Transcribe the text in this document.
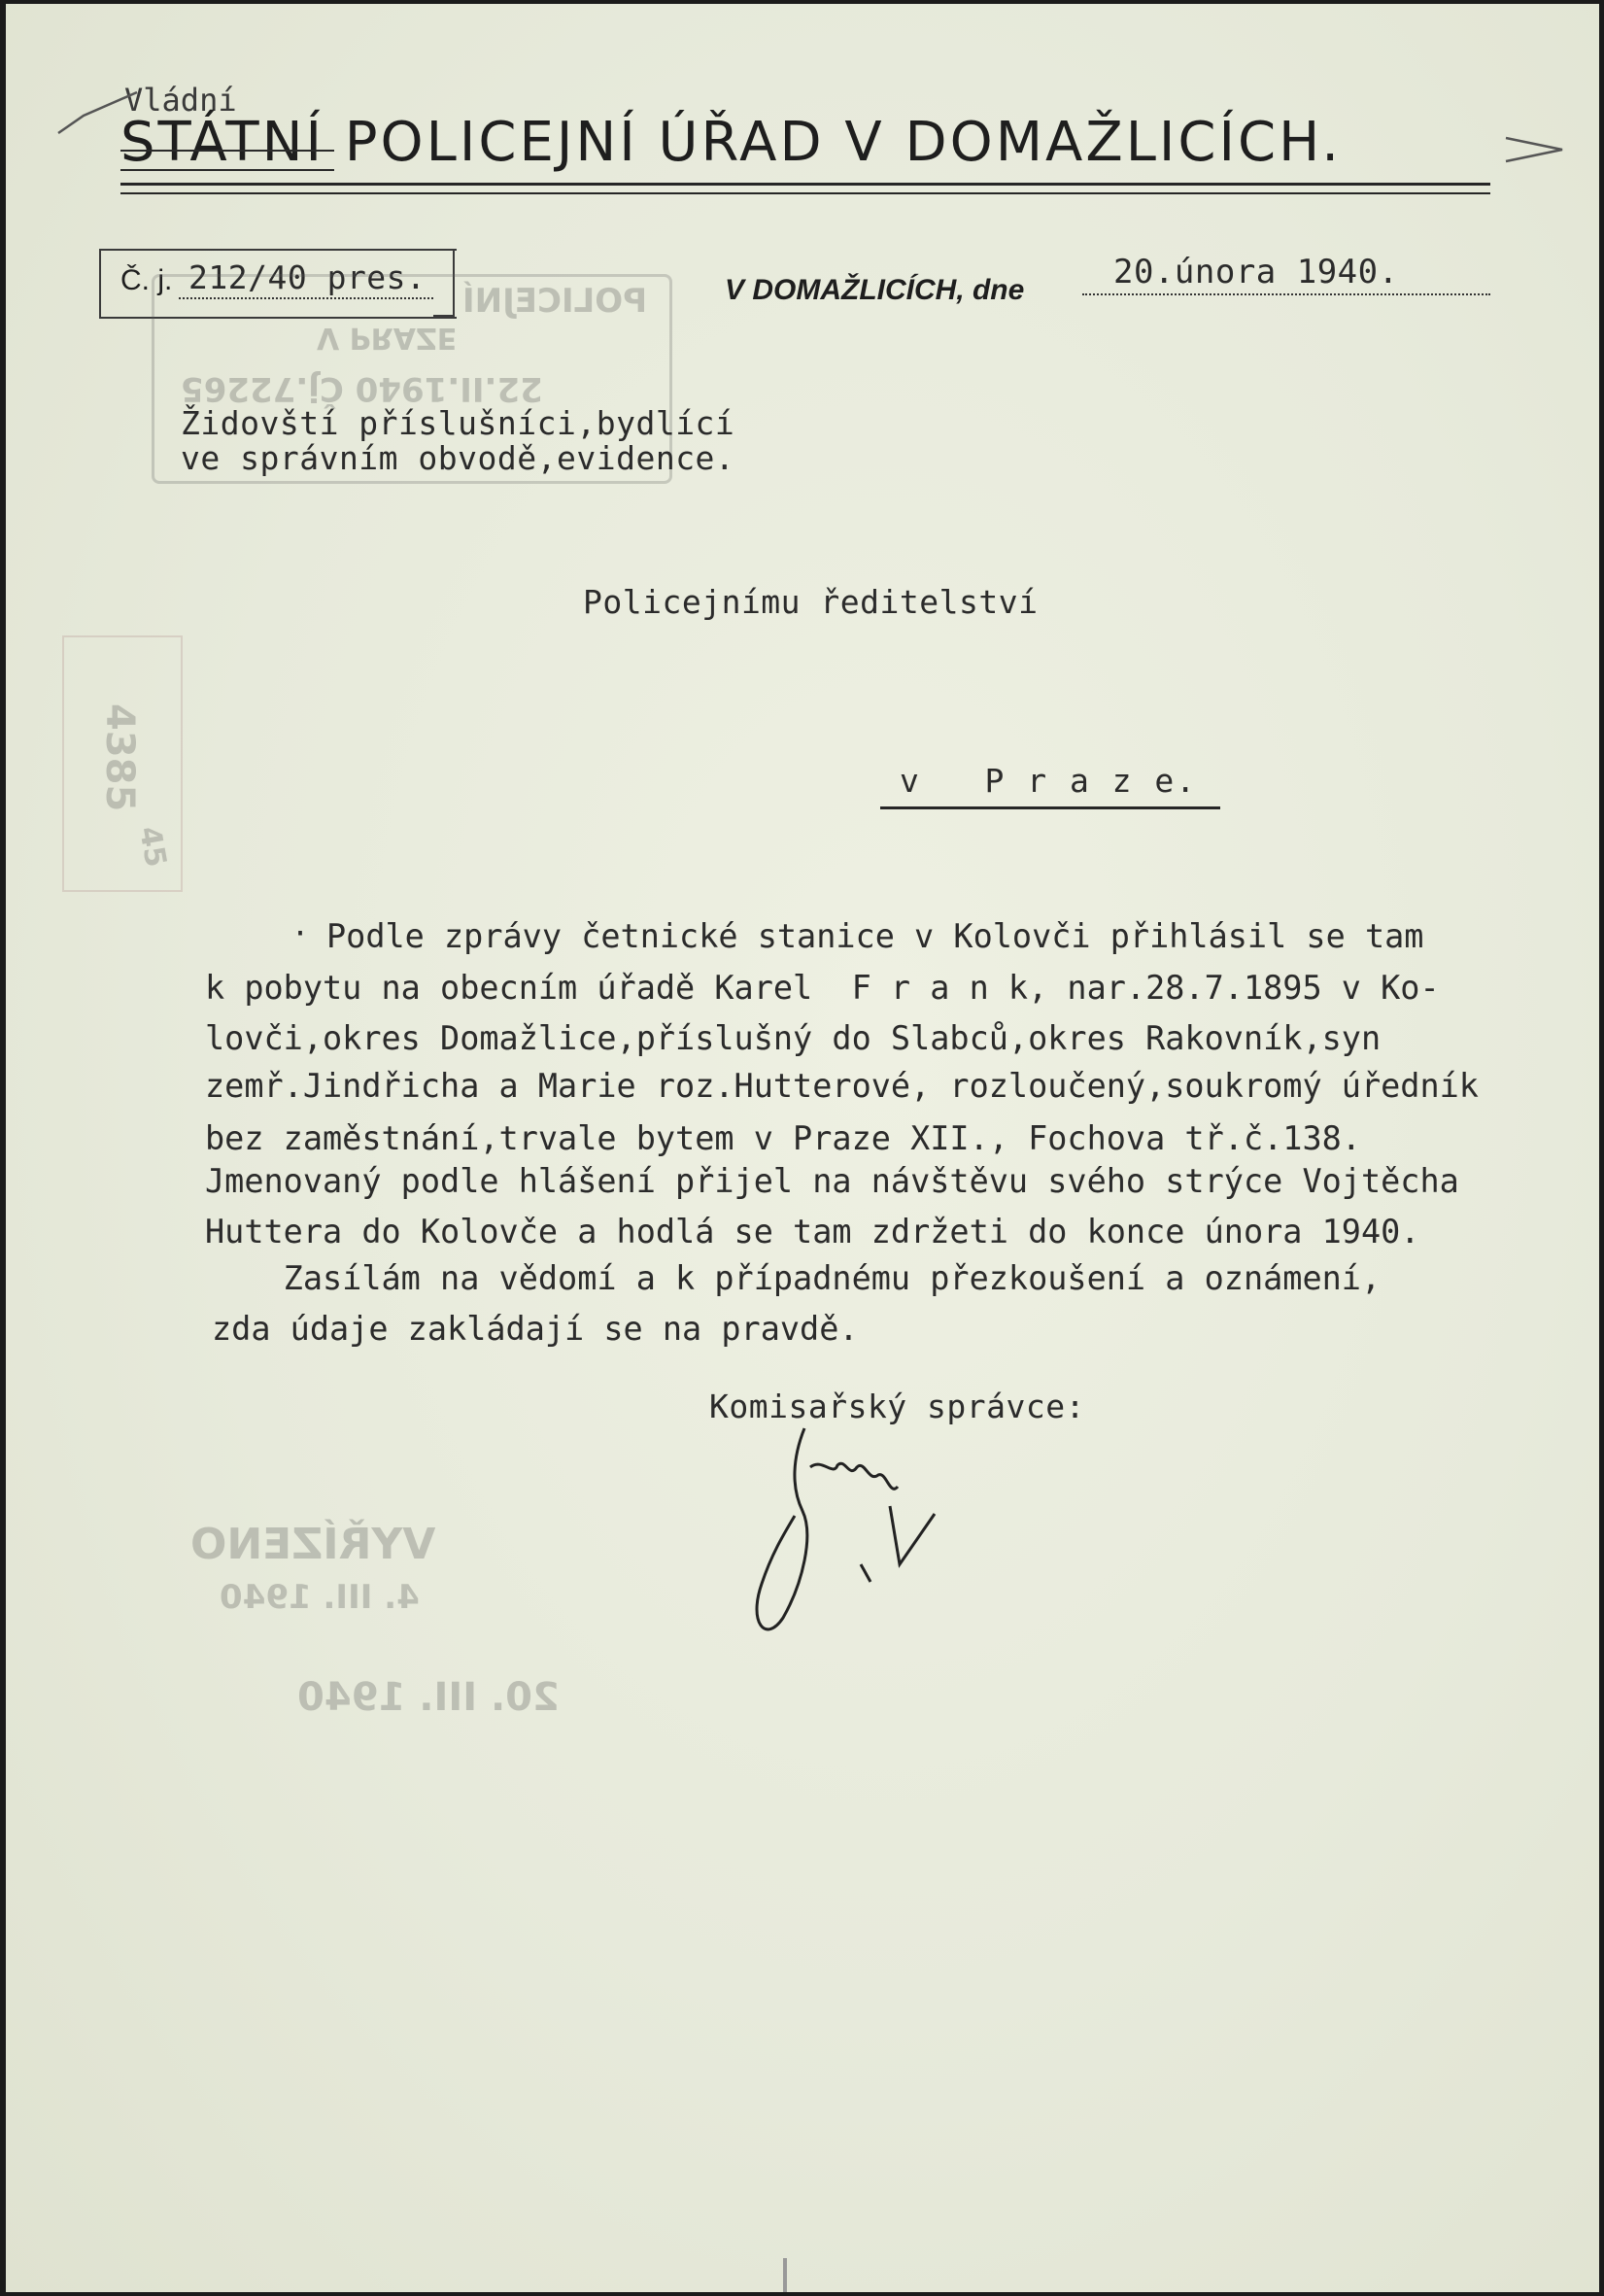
4385
45
Vládní
STÁTNÍ POLICEJNÍ ÚŘAD V DOMAŽLICÍCH.
Č. j. 212/40 pres.	V DOMAŽLICÍCH, dne	20.února 1940.
POLICEJNÍ
V PRAZE
22.II.1940 Čj.72265
Židovští příslušníci,bydlící
ve správním obvodě,evidence.
Policejnímu ředitelství
v   P r a z e.
· Podle zprávy četnické stanice v Kolovči přihlásil se tam
k pobytu na obecním úřadě Karel  F r a n k, nar.28.7.1895 v Ko-
lovči,okres Domažlice,příslušný do Slabců,okres Rakovník,syn
zemř.Jindřicha a Marie roz.Hutterové, rozloučený,soukromý úředník
bez zaměstnání,trvale bytem v Praze XII., Fochova tř.č.138.
Jmenovaný podle hlášení přijel na návštěvu svého strýce Vojtěcha
Huttera do Kolovče a hodlá se tam zdržeti do konce února 1940.
Zasílám na vědomí a k případnému přezkoušení a oznámení,
zda údaje zakládají se na pravdě.
Komisařský správce:
VYŘÍZENO
4. III. 1940
20. III. 1940
